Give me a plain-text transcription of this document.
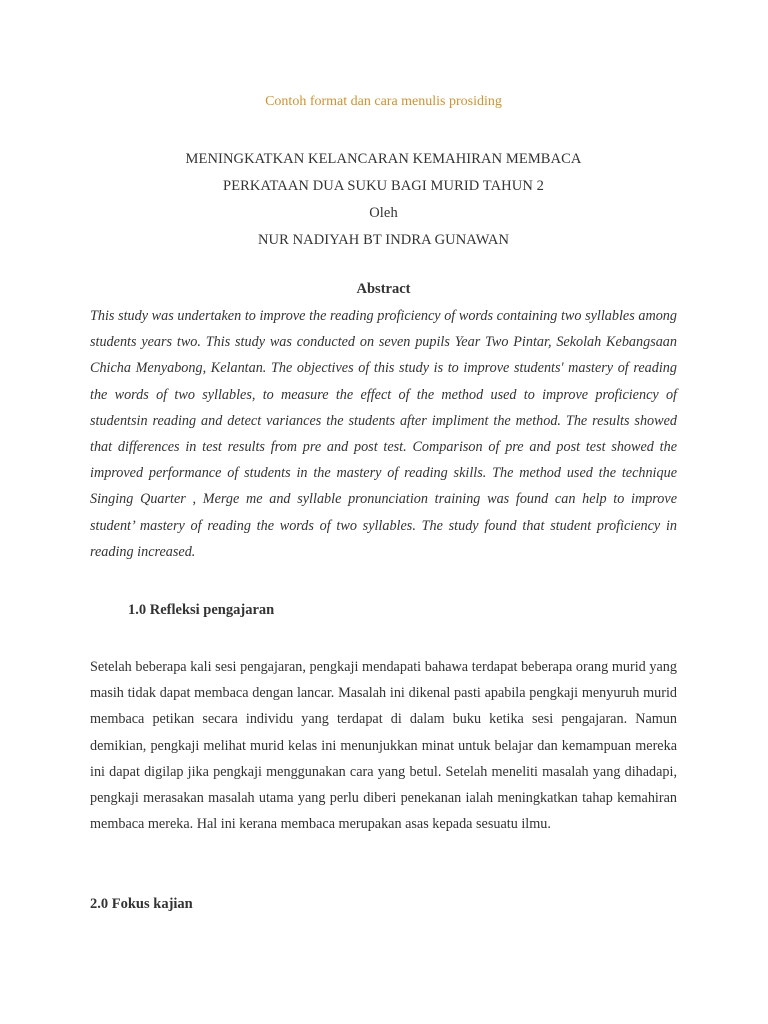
Contoh format dan cara menulis prosiding
MENINGKATKAN KELANCARAN KEMAHIRAN MEMBACA
PERKATAAN DUA SUKU BAGI MURID TAHUN 2
Oleh
NUR NADIYAH BT INDRA GUNAWAN
Abstract
This study was undertaken to improve the reading proficiency of words containing two syllables among students years two. This study was conducted on seven pupils Year Two Pintar, Sekolah Kebangsaan Chicha Menyabong, Kelantan. The objectives of this study is to improve students' mastery of reading the words of two syllables, to measure the effect of the method used to improve proficiency of studentsin reading and detect variances the students after impliment the method. The results showed that differences in test results from pre and post test. Comparison of pre and post test showed the improved performance of students in the mastery of reading skills. The method used the technique Singing Quarter , Merge me and syllable pronunciation training was found can help to improve student’ mastery of reading the words of two syllables. The study found that student proficiency in reading increased.
1.0 Refleksi pengajaran
Setelah beberapa kali sesi pengajaran, pengkaji mendapati bahawa terdapat beberapa orang murid yang masih tidak dapat membaca dengan lancar. Masalah ini dikenal pasti apabila pengkaji menyuruh murid membaca petikan secara individu yang terdapat di dalam buku ketika sesi pengajaran. Namun demikian, pengkaji melihat murid kelas ini menunjukkan minat untuk belajar dan kemampuan mereka ini dapat digilap jika pengkaji menggunakan cara yang betul. Setelah meneliti masalah yang dihadapi, pengkaji merasakan masalah utama yang perlu diberi penekanan ialah meningkatkan tahap kemahiran membaca mereka. Hal ini kerana membaca merupakan asas kepada sesuatu ilmu.
2.0 Fokus kajian
